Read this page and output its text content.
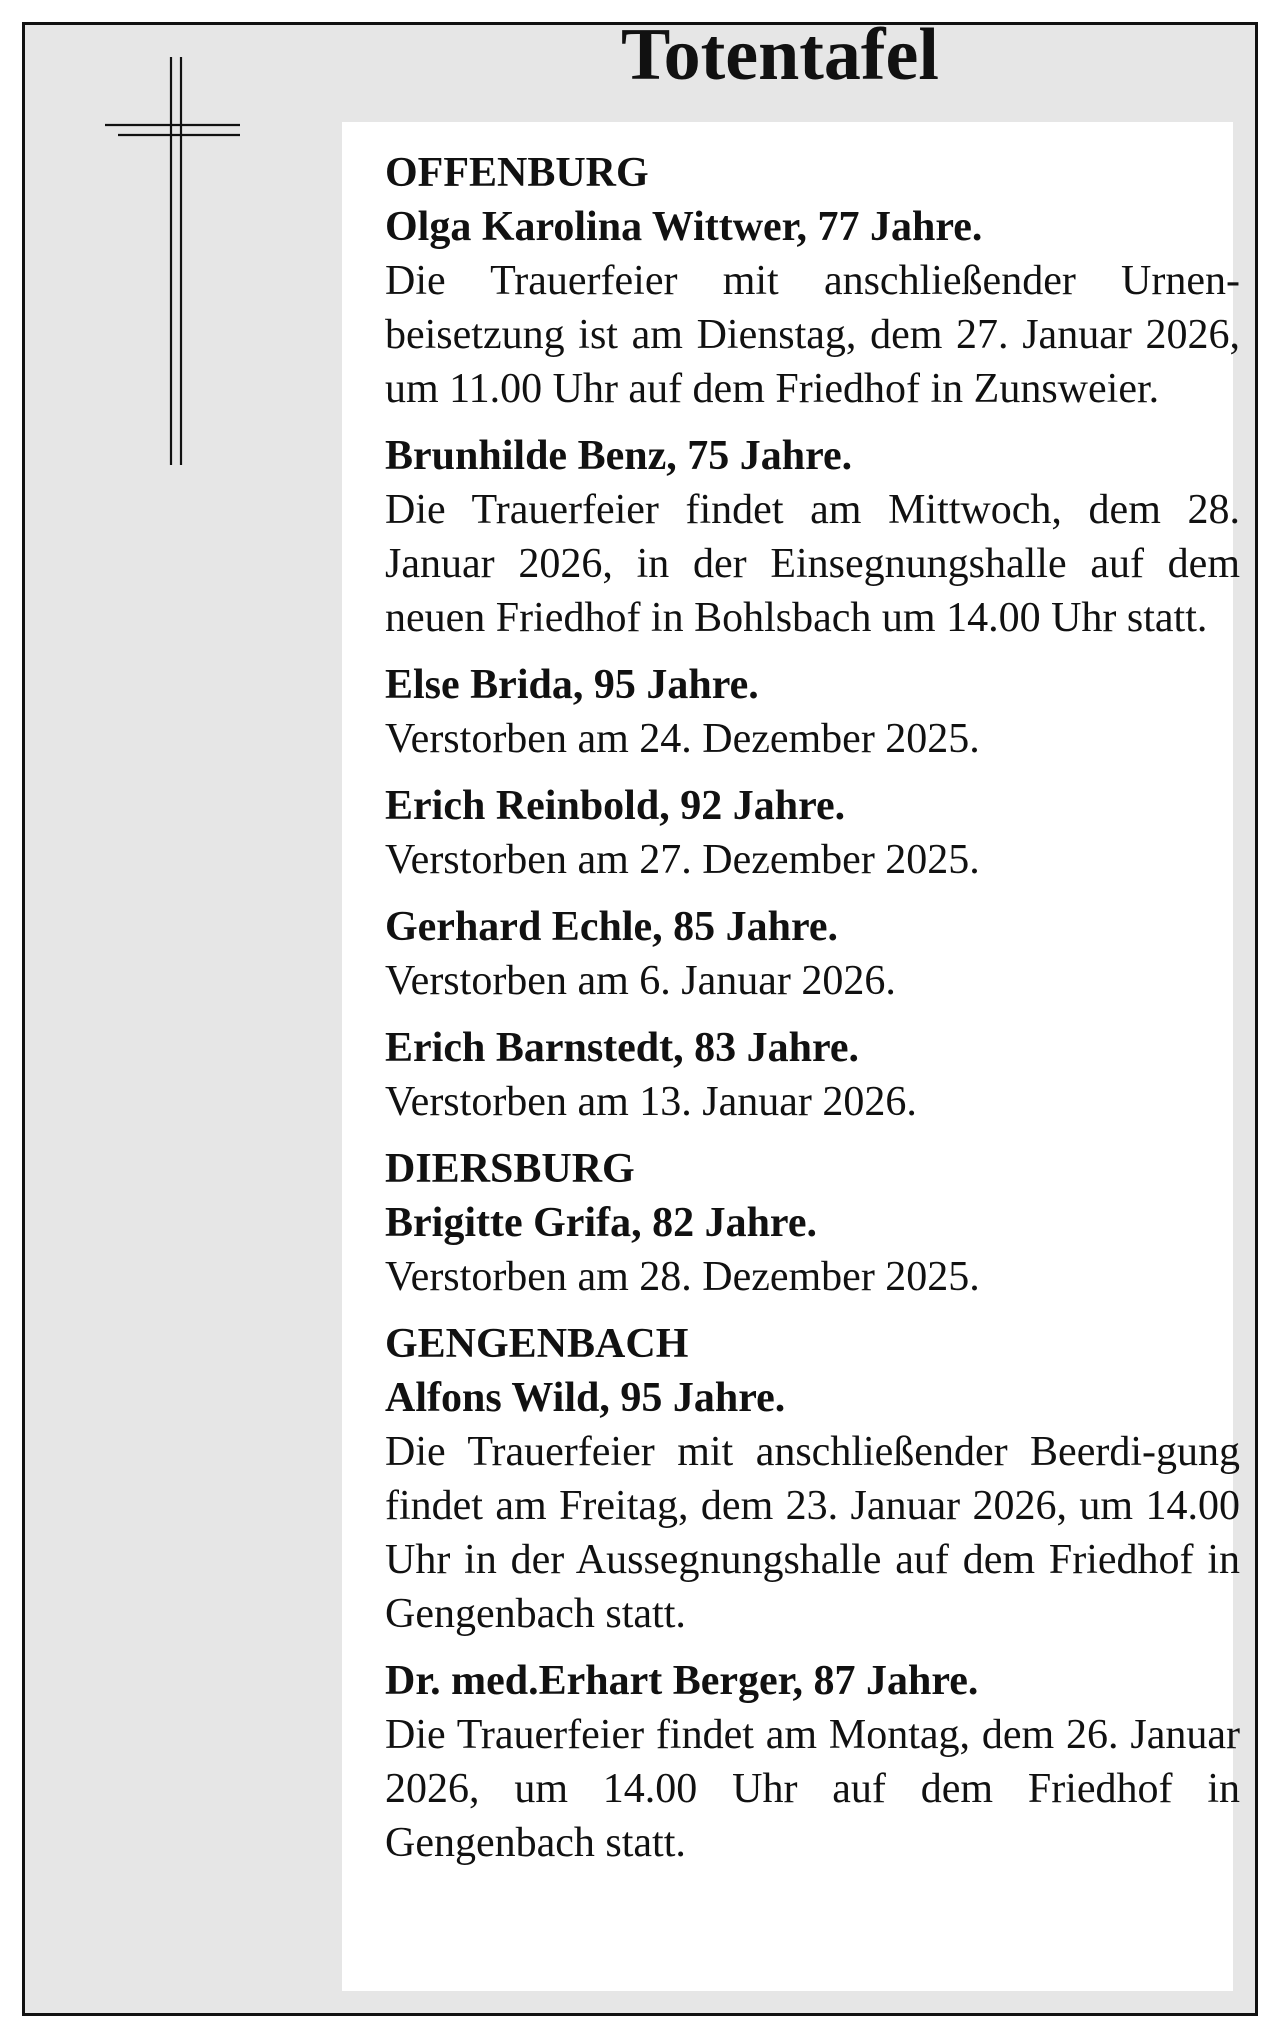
Totentafel
OFFENBURG
Olga Karolina Wittwer, 77 Jahre.
Die Trauerfeier mit anschließender Urnen-beisetzung ist am Dienstag, dem 27. Januar 2026, um 11.00 Uhr auf dem Friedhof in Zunsweier.
Brunhilde Benz, 75 Jahre.
Die Trauerfeier findet am Mittwoch, dem 28. Januar 2026, in der Einsegnungshalle auf dem neuen Friedhof in Bohlsbach um 14.00 Uhr statt.
Else Brida, 95 Jahre.
Verstorben am 24. Dezember 2025.
Erich Reinbold, 92 Jahre.
Verstorben am 27. Dezember 2025.
Gerhard Echle, 85 Jahre.
Verstorben am 6. Januar 2026.
Erich Barnstedt, 83 Jahre.
Verstorben am 13. Januar 2026.
DIERSBURG
Brigitte Grifa, 82 Jahre.
Verstorben am 28. Dezember 2025.
GENGENBACH
Alfons Wild, 95 Jahre.
Die Trauerfeier mit anschließender Beerdi-gung findet am Freitag, dem 23. Januar 2026, um 14.00 Uhr in der Aussegnungshalle auf dem Friedhof in Gengenbach statt.
Dr. med.Erhart Berger, 87 Jahre.
Die Trauerfeier findet am Montag, dem 26. Januar 2026, um 14.00 Uhr auf dem Friedhof in Gengenbach statt.
